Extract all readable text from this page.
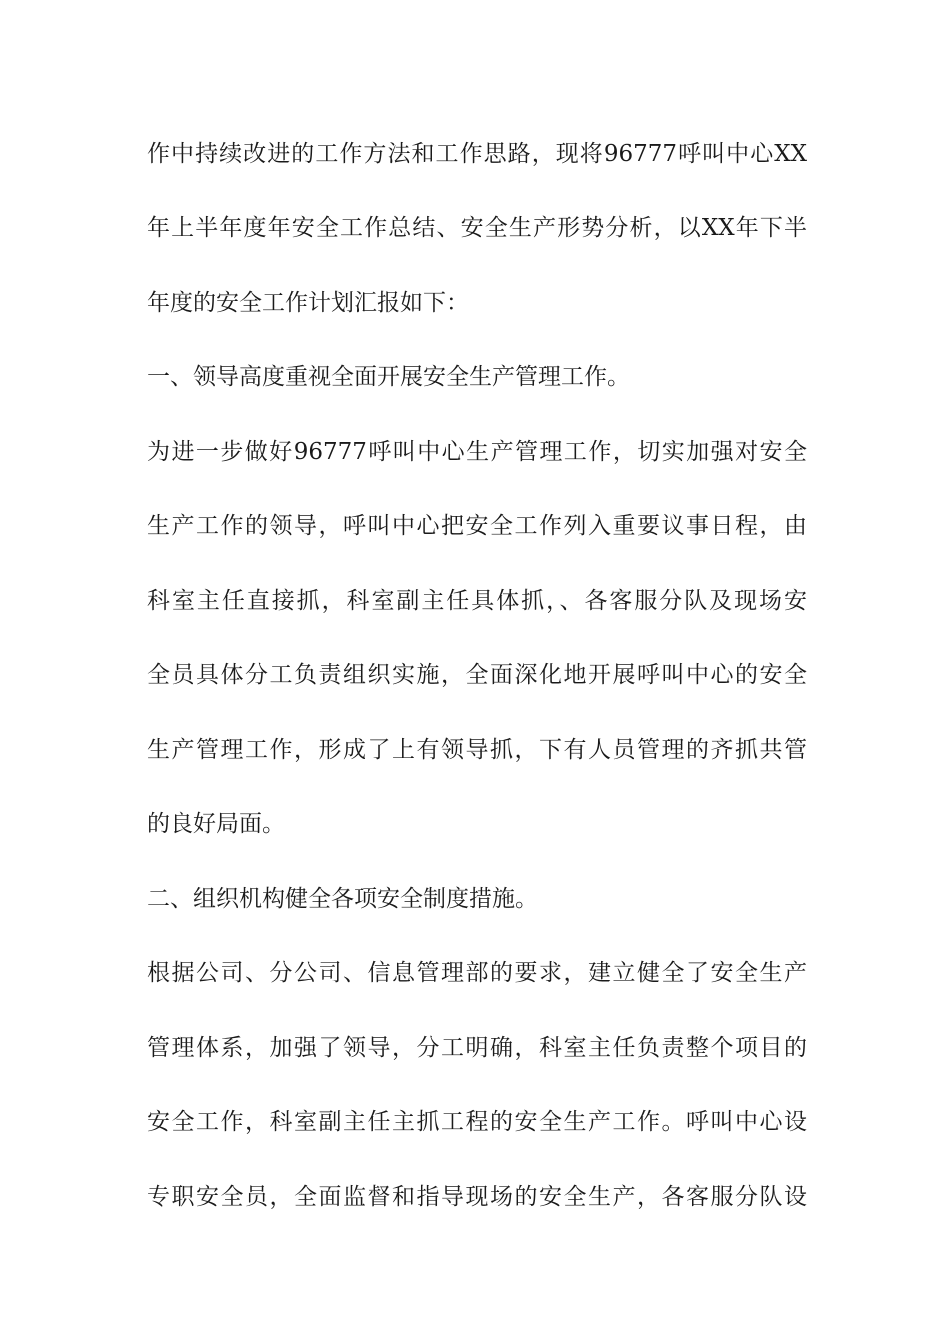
作中持续改进的工作方法和工作思路，现将96777呼叫中心XX
年上半年度年安全工作总结、安全生产形势分析，以XX年下半
年度的安全工作计划汇报如下：
一、领导高度重视全面开展安全生产管理工作。
为进一步做好96777呼叫中心生产管理工作，切实加强对安全
生产工作的领导，呼叫中心把安全工作列入重要议事日程，由
科室主任直接抓，科室副主任具体抓，、各客服分队及现场安
全员具体分工负责组织实施，全面深化地开展呼叫中心的安全
生产管理工作，形成了上有领导抓，下有人员管理的齐抓共管
的良好局面。
二、组织机构健全各项安全制度措施。
根据公司、分公司、信息管理部的要求，建立健全了安全生产
管理体系，加强了领导，分工明确，科室主任负责整个项目的
安全工作，科室副主任主抓工程的安全生产工作。呼叫中心设
专职安全员，全面监督和指导现场的安全生产，各客服分队设
